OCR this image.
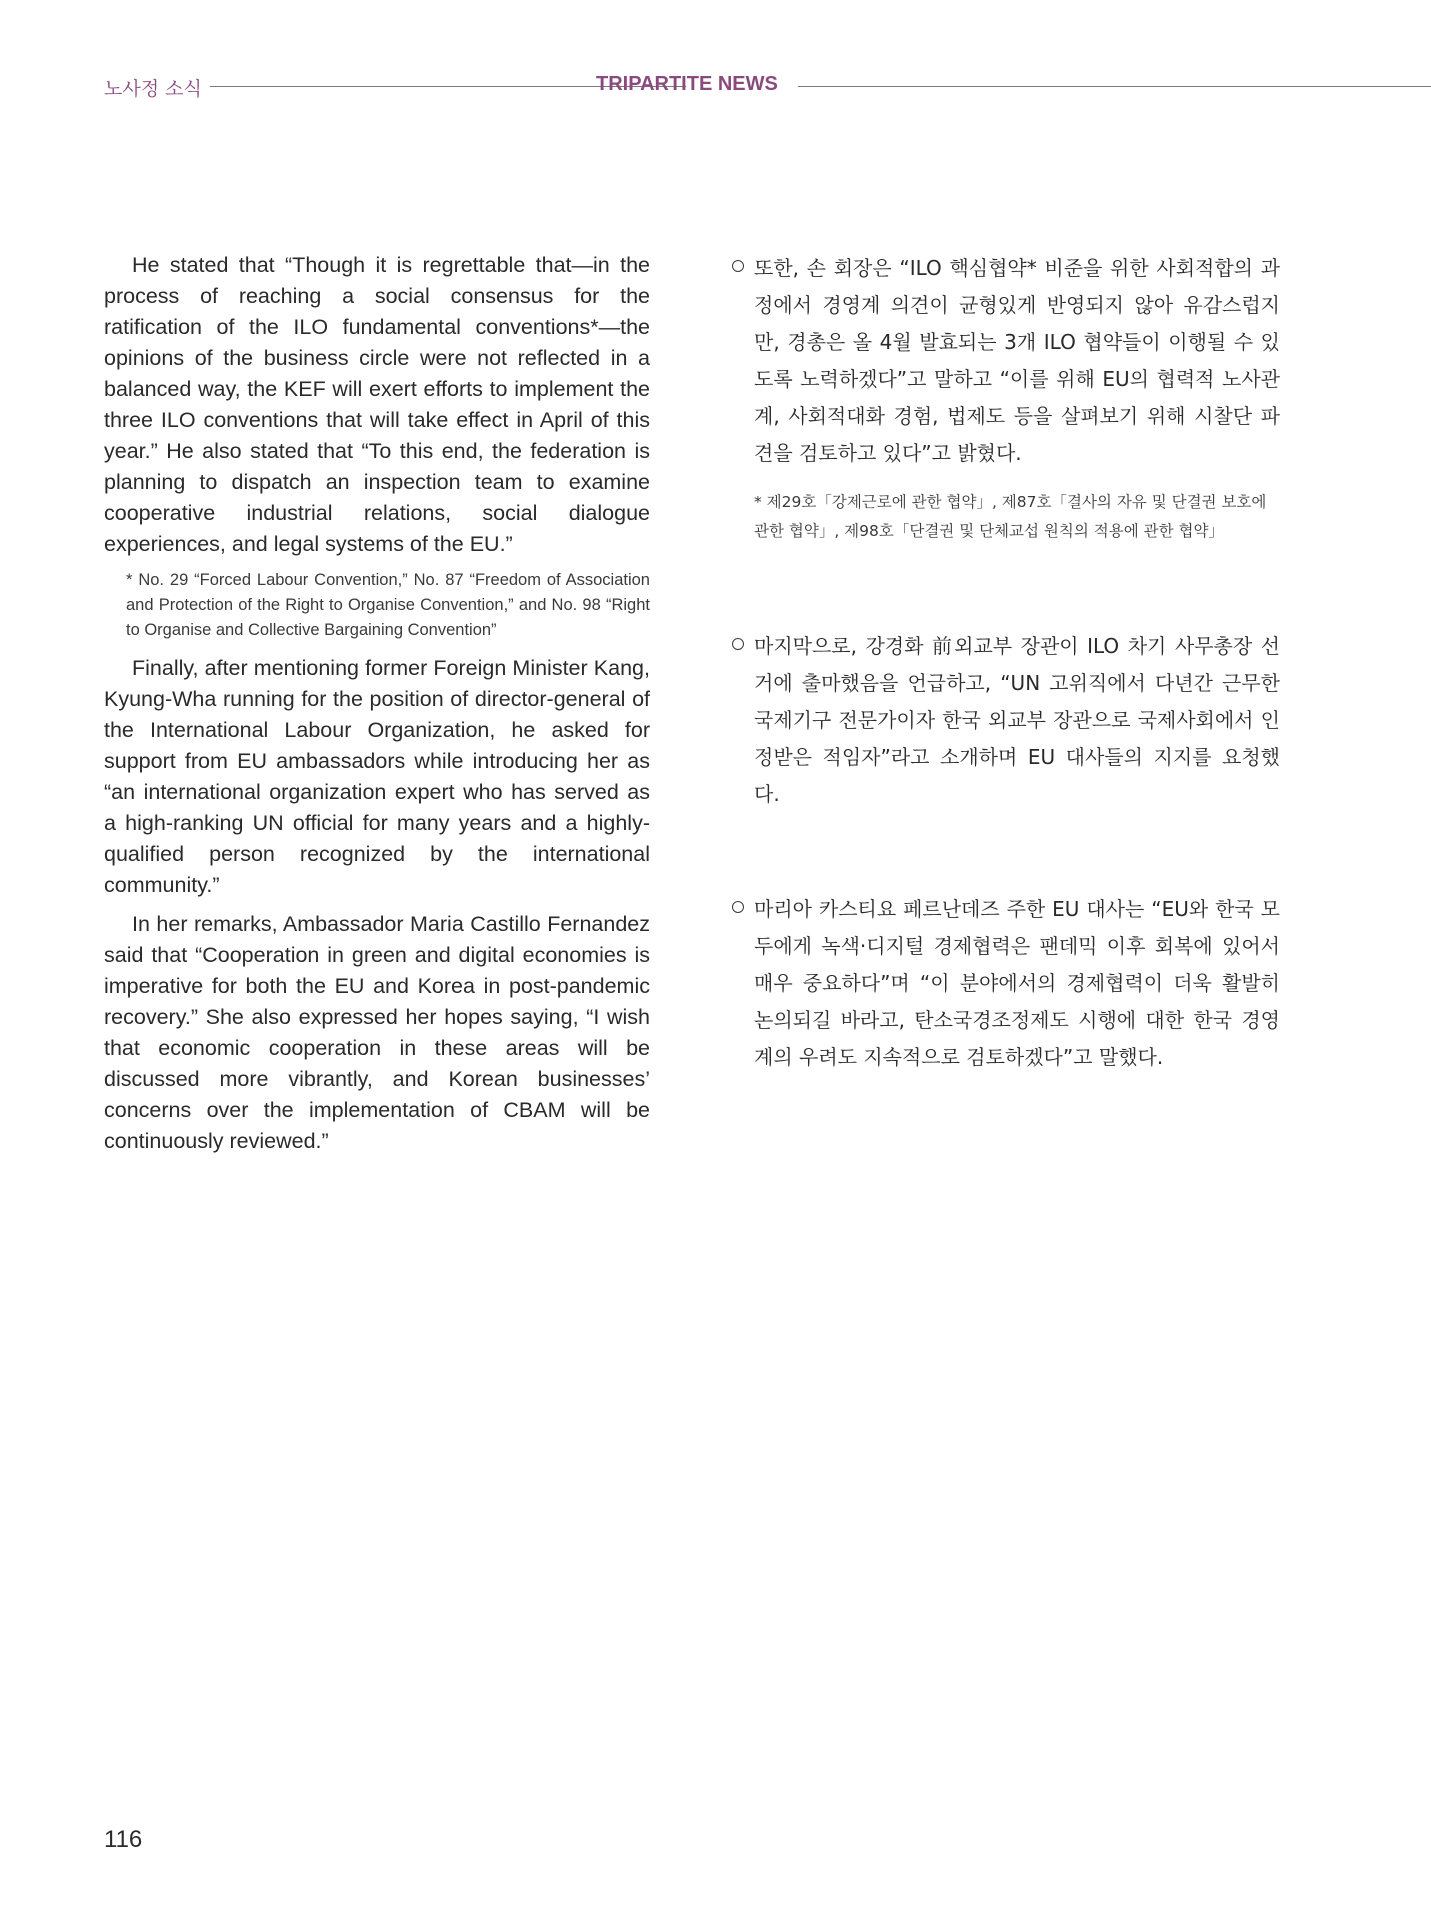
노사정 소식	TRIPARTITE NEWS

He stated that “Though it is regrettable that—in the process of reaching a social consensus for the ratification of the ILO fundamental conventions*—the opinions of the business circle were not reflected in a balanced way, the KEF will exert efforts to implement the three ILO conventions that will take effect in April of this year.” He also stated that “To this end, the federation is planning to dispatch an inspection team to examine cooperative industrial relations, social dialogue experiences, and legal systems of the EU.”

* No. 29 “Forced Labour Convention,” No. 87 “Freedom of Association and Protection of the Right to Organise Convention,” and No. 98 “Right to Organise and Collective Bargaining Convention”

Finally, after mentioning former Foreign Minister Kang, Kyung-Wha running for the position of director-general of the International Labour Organization, he asked for support from EU ambassadors while introducing her as “an international organization expert who has served as a high-ranking UN official for many years and a highly-qualified person recognized by the international community.”

In her remarks, Ambassador Maria Castillo Fernandez said that “Cooperation in green and digital economies is imperative for both the EU and Korea in post-pandemic recovery.” She also expressed her hopes saying, “I wish that economic cooperation in these areas will be discussed more vibrantly, and Korean businesses’ concerns over the implementation of CBAM will be continuously reviewed.”

또한, 손 회장은 “ILO 핵심협약* 비준을 위한 사회적합의 과정에서 경영계 의견이 균형있게 반영되지 않아 유감스럽지만, 경총은 올 4월 발효되는 3개 ILO 협약들이 이행될 수 있도록 노력하겠다”고 말하고 “이를 위해 EU의 협력적 노사관계, 사회적대화 경험, 법제도 등을 살펴보기 위해 시찰단 파견을 검토하고 있다”고 밝혔다.
* 제29호「강제근로에 관한 협약」, 제87호「결사의 자유 및 단결권 보호에 관한 협약」, 제98호「단결권 및 단체교섭 원칙의 적용에 관한 협약」
마지막으로, 강경화 前외교부 장관이 ILO 차기 사무총장 선거에 출마했음을 언급하고, “UN 고위직에서 다년간 근무한 국제기구 전문가이자 한국 외교부 장관으로 국제사회에서 인정받은 적임자”라고 소개하며 EU 대사들의 지지를 요청했다.
마리아 카스티요 페르난데즈 주한 EU 대사는 “EU와 한국 모두에게 녹색·디지털 경제협력은 팬데믹 이후 회복에 있어서 매우 중요하다”며 “이 분야에서의 경제협력이 더욱 활발히 논의되길 바라고, 탄소국경조정제도 시행에 대한 한국 경영계의 우려도 지속적으로 검토하겠다”고 말했다.
116
